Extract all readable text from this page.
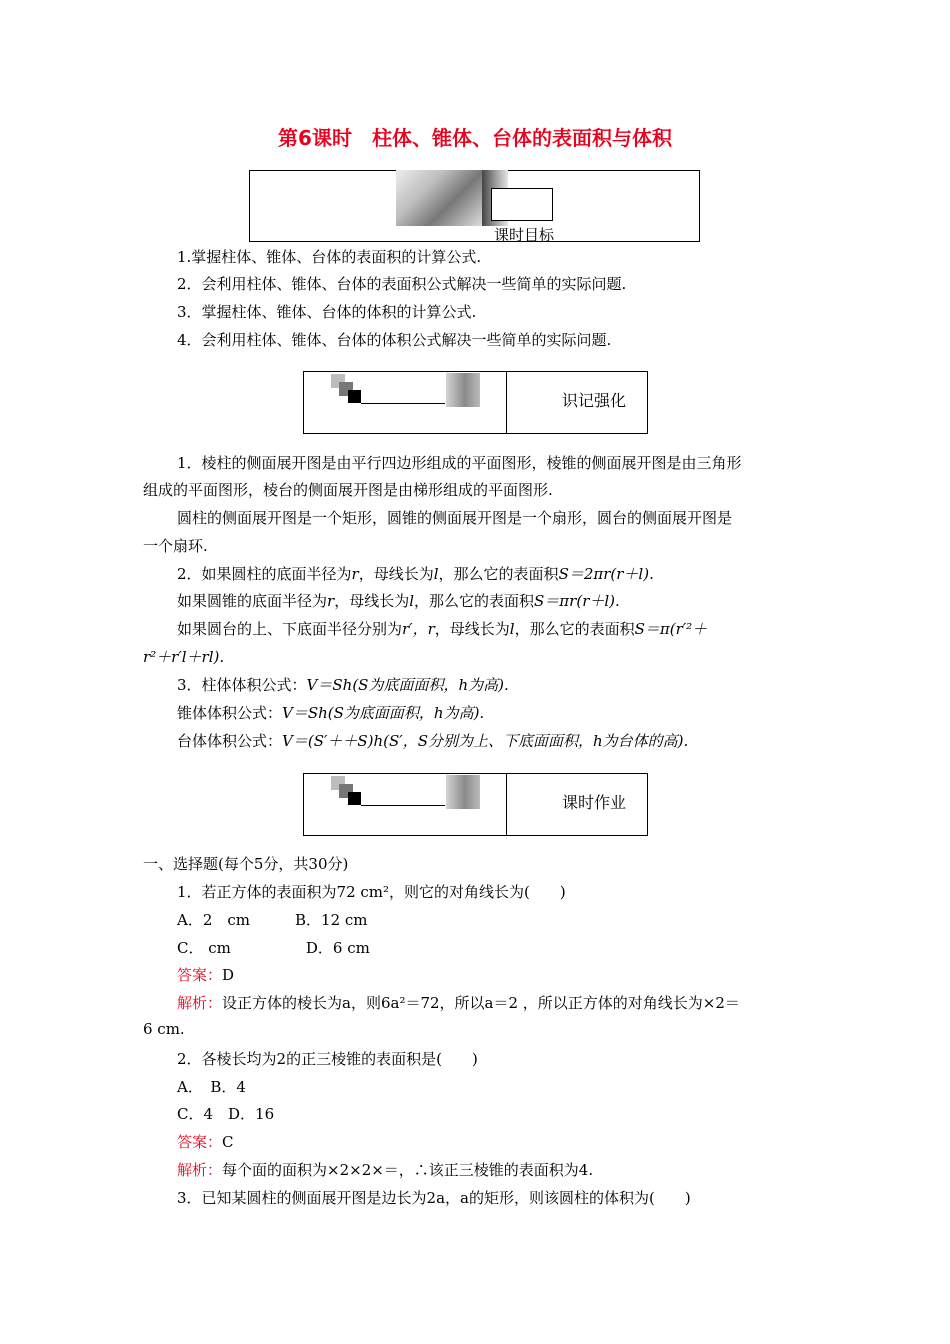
第6课时　柱体、锥体、台体的表面积与体积
课时目标
1.掌握柱体、锥体、台体的表面积的计算公式.
2．会利用柱体、锥体、台体的表面积公式解决一些简单的实际问题.
3．掌握柱体、锥体、台体的体积的计算公式.
4．会利用柱体、锥体、台体的体积公式解决一些简单的实际问题.
识记强化
1．棱柱的侧面展开图是由平行四边形组成的平面图形，棱锥的侧面展开图是由三角形
组成的平面图形，棱台的侧面展开图是由梯形组成的平面图形.
圆柱的侧面展开图是一个矩形，圆锥的侧面展开图是一个扇形，圆台的侧面展开图是
一个扇环.
2．如果圆柱的底面半径为r，母线长为l，那么它的表面积S＝2πr(r＋l).
如果圆锥的底面半径为r，母线长为l，那么它的表面积S＝πr(r＋l).
如果圆台的上、下底面半径分别为r′，r，母线长为l，那么它的表面积S＝π(r′²＋
r²＋r′l＋rl).
3．柱体体积公式：V＝Sh(S为底面面积，h为高).
锥体体积公式：V＝Sh(S为底面面积，h为高).
台体体积公式：V＝(S′＋＋S)h(S′，S分别为上、下底面面积，h为台体的高).
课时作业
一、选择题(每个5分，共30分)
1．若正方体的表面积为72 cm²，则它的对角线长为(　　)
A．2　cm　　　B．12 cm
C． cm　　　　　D．6 cm
答案：D
解析：设正方体的棱长为a，则6a²＝72，所以a＝2 ，所以正方体的对角线长为×2＝
6 cm.
2．各棱长均为2的正三棱锥的表面积是(　　)
A．　B．4
C．4　D．16
答案：C
解析：每个面的面积为×2×2×＝，∴该正三棱锥的表面积为4.
3．已知某圆柱的侧面展开图是边长为2a，a的矩形，则该圆柱的体积为(　　)
